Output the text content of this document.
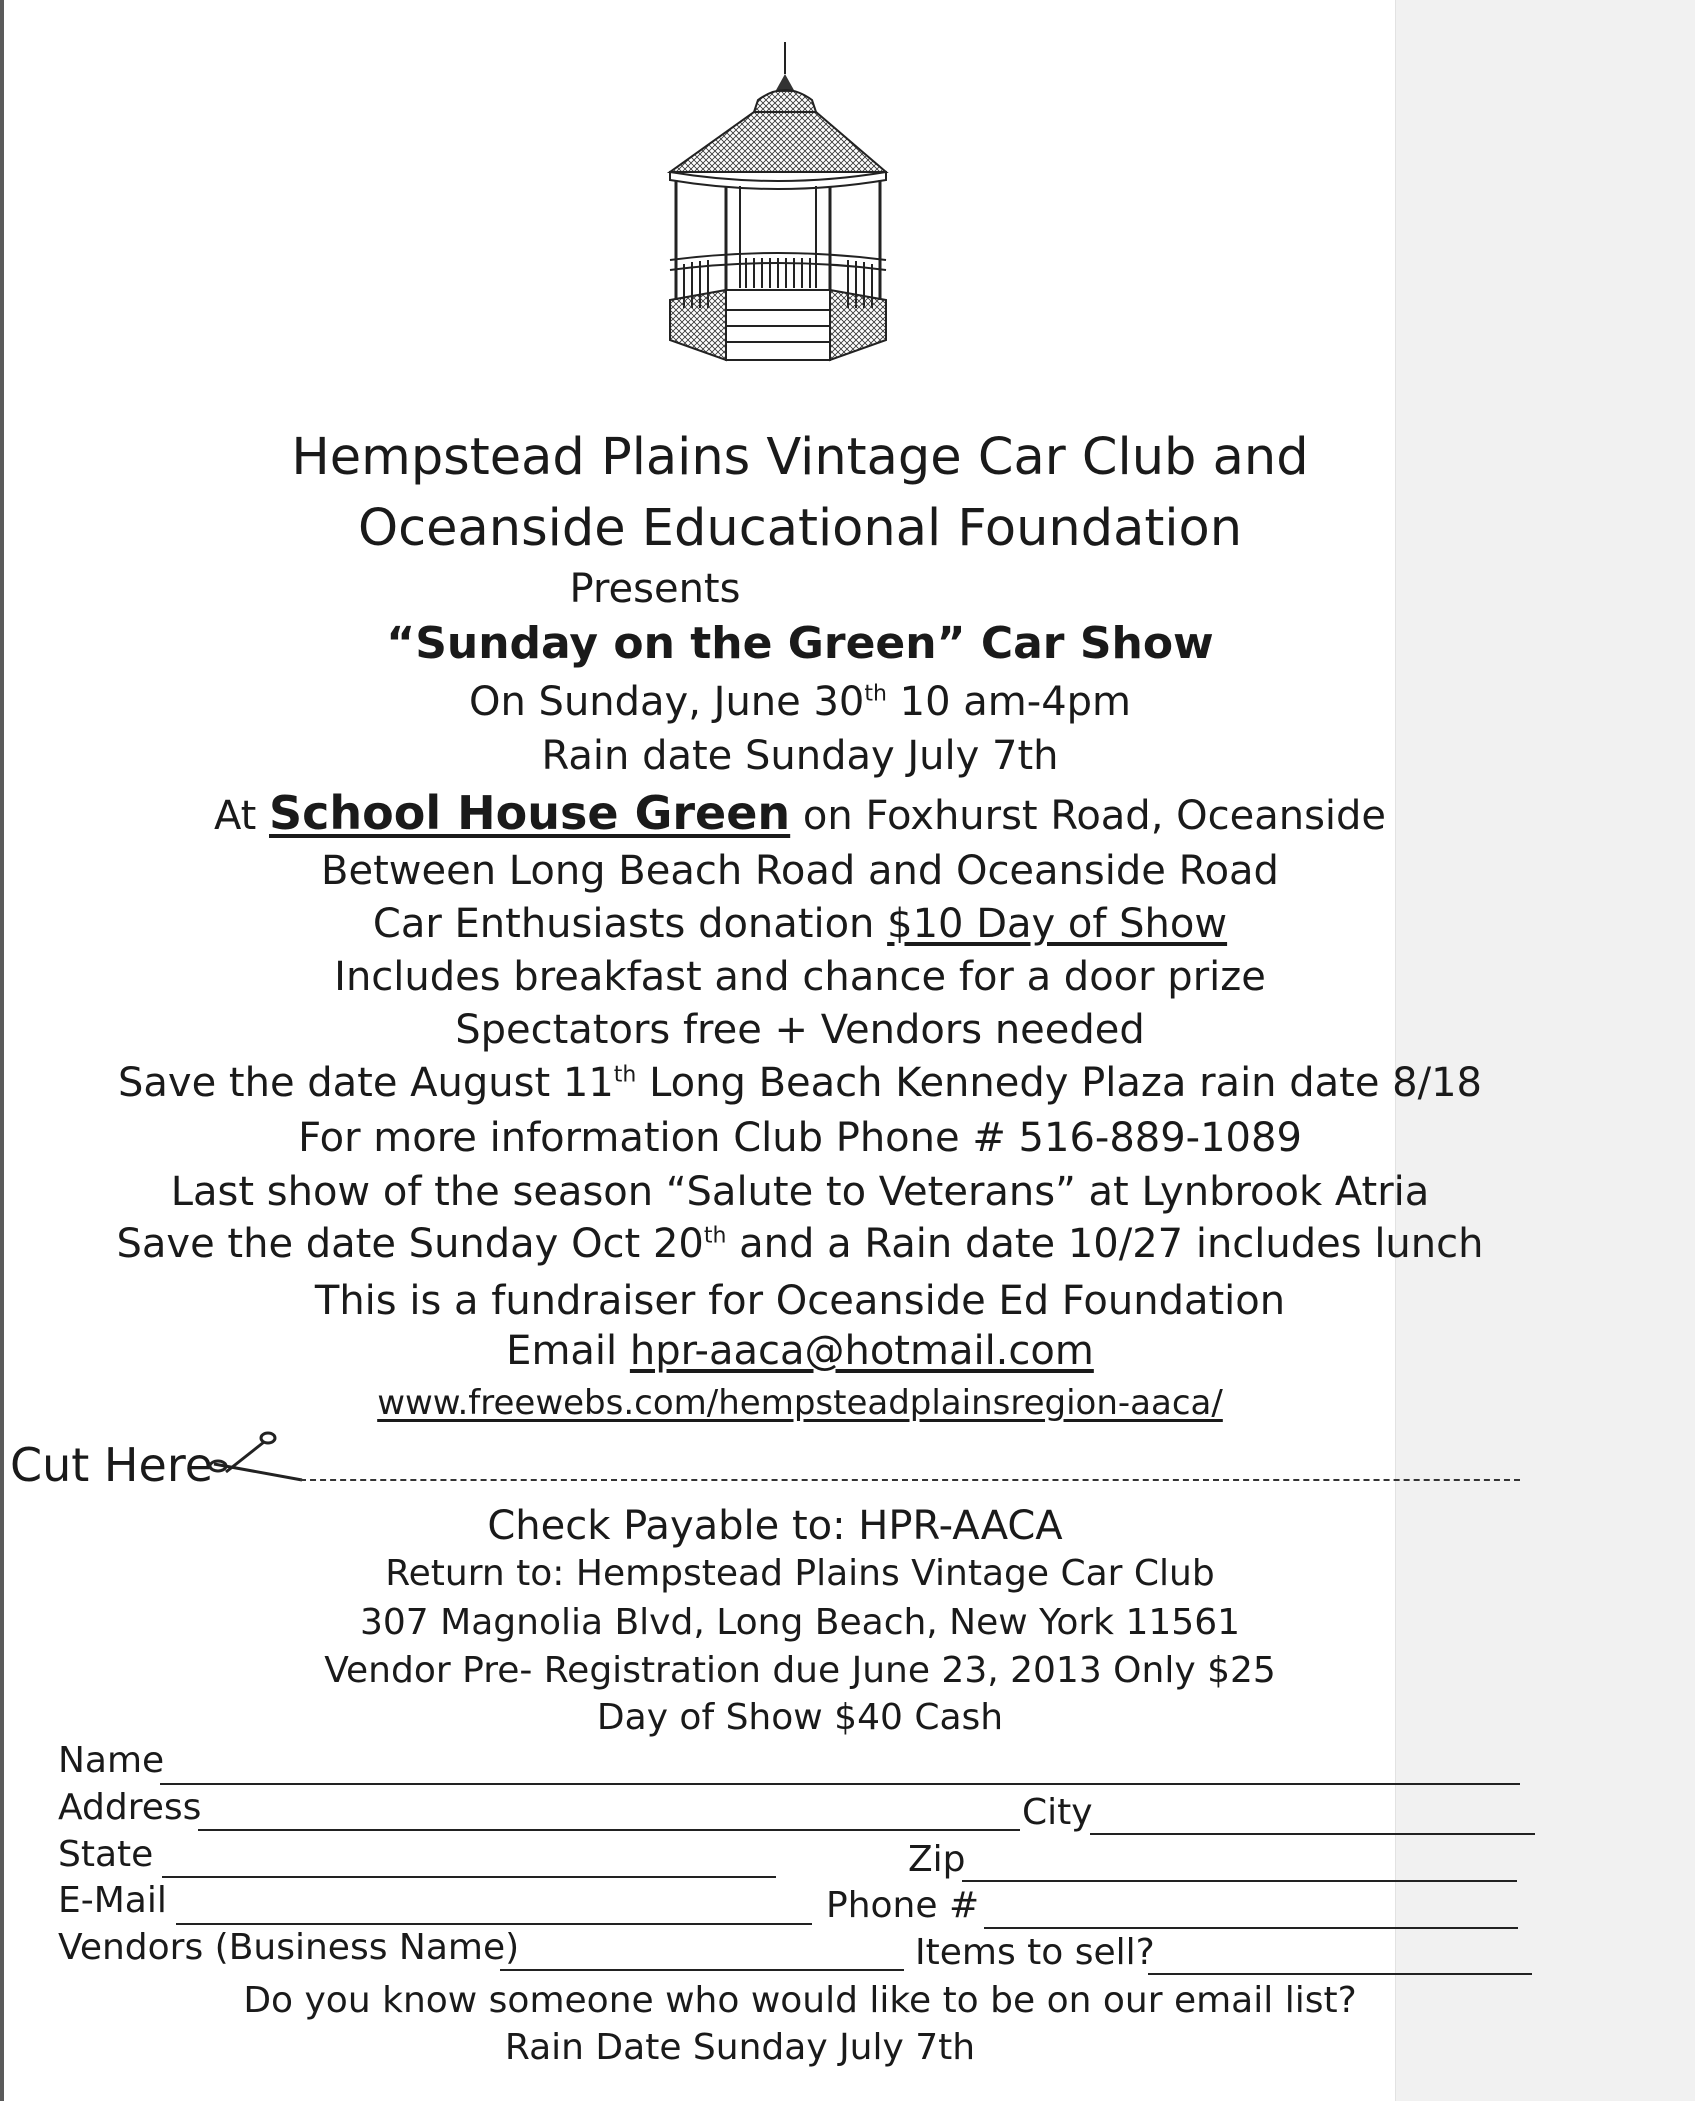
Hempstead Plains Vintage Car Club and
Oceanside Educational Foundation
Presents
“Sunday on the Green” Car Show
On Sunday, June 30th 10 am-4pm
Rain date Sunday July 7th
At School House Green on Foxhurst Road, Oceanside
Between Long Beach Road and Oceanside Road
Car Enthusiasts donation $10 Day of Show
Includes breakfast and chance for a door prize
Spectators free + Vendors needed
Save the date August 11th Long Beach Kennedy Plaza rain date 8/18
For more information Club Phone # 516-889-1089
Last show of the season “Salute to Veterans” at Lynbrook Atria
Save the date Sunday Oct 20th and a Rain date 10/27 includes lunch
This is a fundraiser for Oceanside Ed Foundation
Email hpr-aaca@hotmail.com
www.freewebs.com/hempsteadplainsregion-aaca/
Cut Here
Check Payable to: HPR-AACA
Return to: Hempstead Plains Vintage Car Club
307 Magnolia Blvd, Long Beach, New York 11561
Vendor Pre- Registration due June 23, 2013 Only $25
Day of Show $40 Cash
Name
Address	City
State	Zip
E-Mail	Phone #
Vendors (Business Name)	Items to sell?
Do you know someone who would like to be on our email list?
Rain Date Sunday July 7th
